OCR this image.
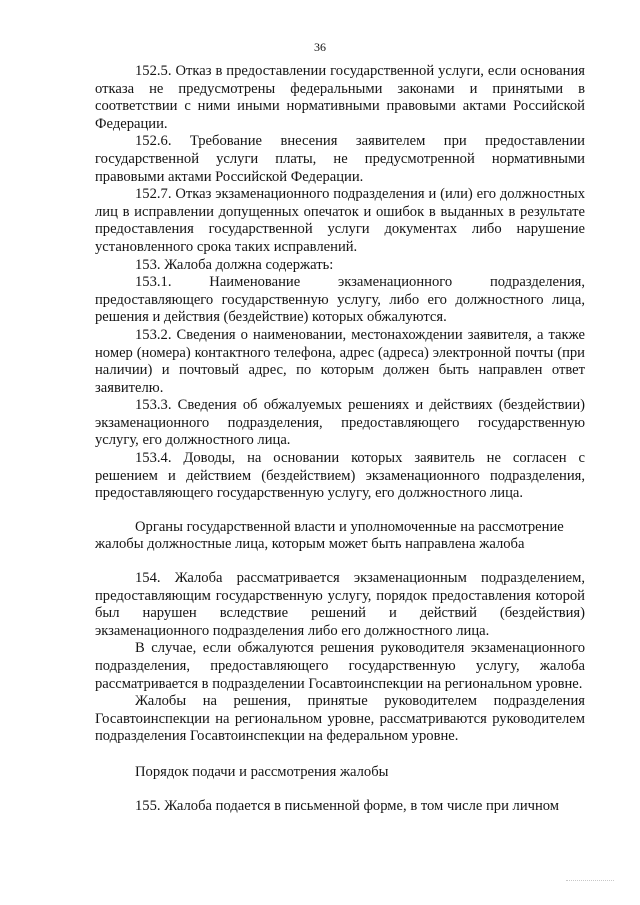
36

152.5. Отказ в предоставлении государственной услуги, если основания отказа не предусмотрены федеральными законами и принятыми в соответствии с ними иными нормативными правовыми актами Российской Федерации.

152.6. Требование внесения заявителем при предоставлении государственной услуги платы, не предусмотренной нормативными правовыми актами Российской Федерации.

152.7. Отказ экзаменационного подразделения и (или) его должностных лиц в исправлении допущенных опечаток и ошибок в выданных в результате предоставления государственной услуги документах либо нарушение установленного срока таких исправлений.

153. Жалоба должна содержать:

153.1. Наименование экзаменационного подразделения, предоставляющего государственную услугу, либо его должностного лица, решения и действия (бездействие) которых обжалуются.

153.2. Сведения о наименовании, местонахождении заявителя, а также номер (номера) контактного телефона, адрес (адреса) электронной почты (при наличии) и почтовый адрес, по которым должен быть направлен ответ заявителю.

153.3. Сведения об обжалуемых решениях и действиях (бездействии) экзаменационного подразделения, предоставляющего государственную услугу, его должностного лица.

153.4. Доводы, на основании которых заявитель не согласен с решением и действием (бездействием) экзаменационного подразделения, предоставляющего государственную услугу, его должностного лица.

Органы государственной власти и уполномоченные на рассмотрение жалобы должностные лица, которым может быть направлена жалоба

154. Жалоба рассматривается экзаменационным подразделением, предоставляющим государственную услугу, порядок предоставления которой был нарушен вследствие решений и действий (бездействия) экзаменационного подразделения либо его должностного лица.

В случае, если обжалуются решения руководителя экзаменационного подразделения, предоставляющего государственную услугу, жалоба рассматривается в подразделении Госавтоинспекции на региональном уровне.

Жалобы на решения, принятые руководителем подразделения Госавтоинспекции на региональном уровне, рассматриваются руководителем подразделения Госавтоинспекции на федеральном уровне.

Порядок подачи и рассмотрения жалобы

155. Жалоба подается в письменной форме, в том числе при личном
